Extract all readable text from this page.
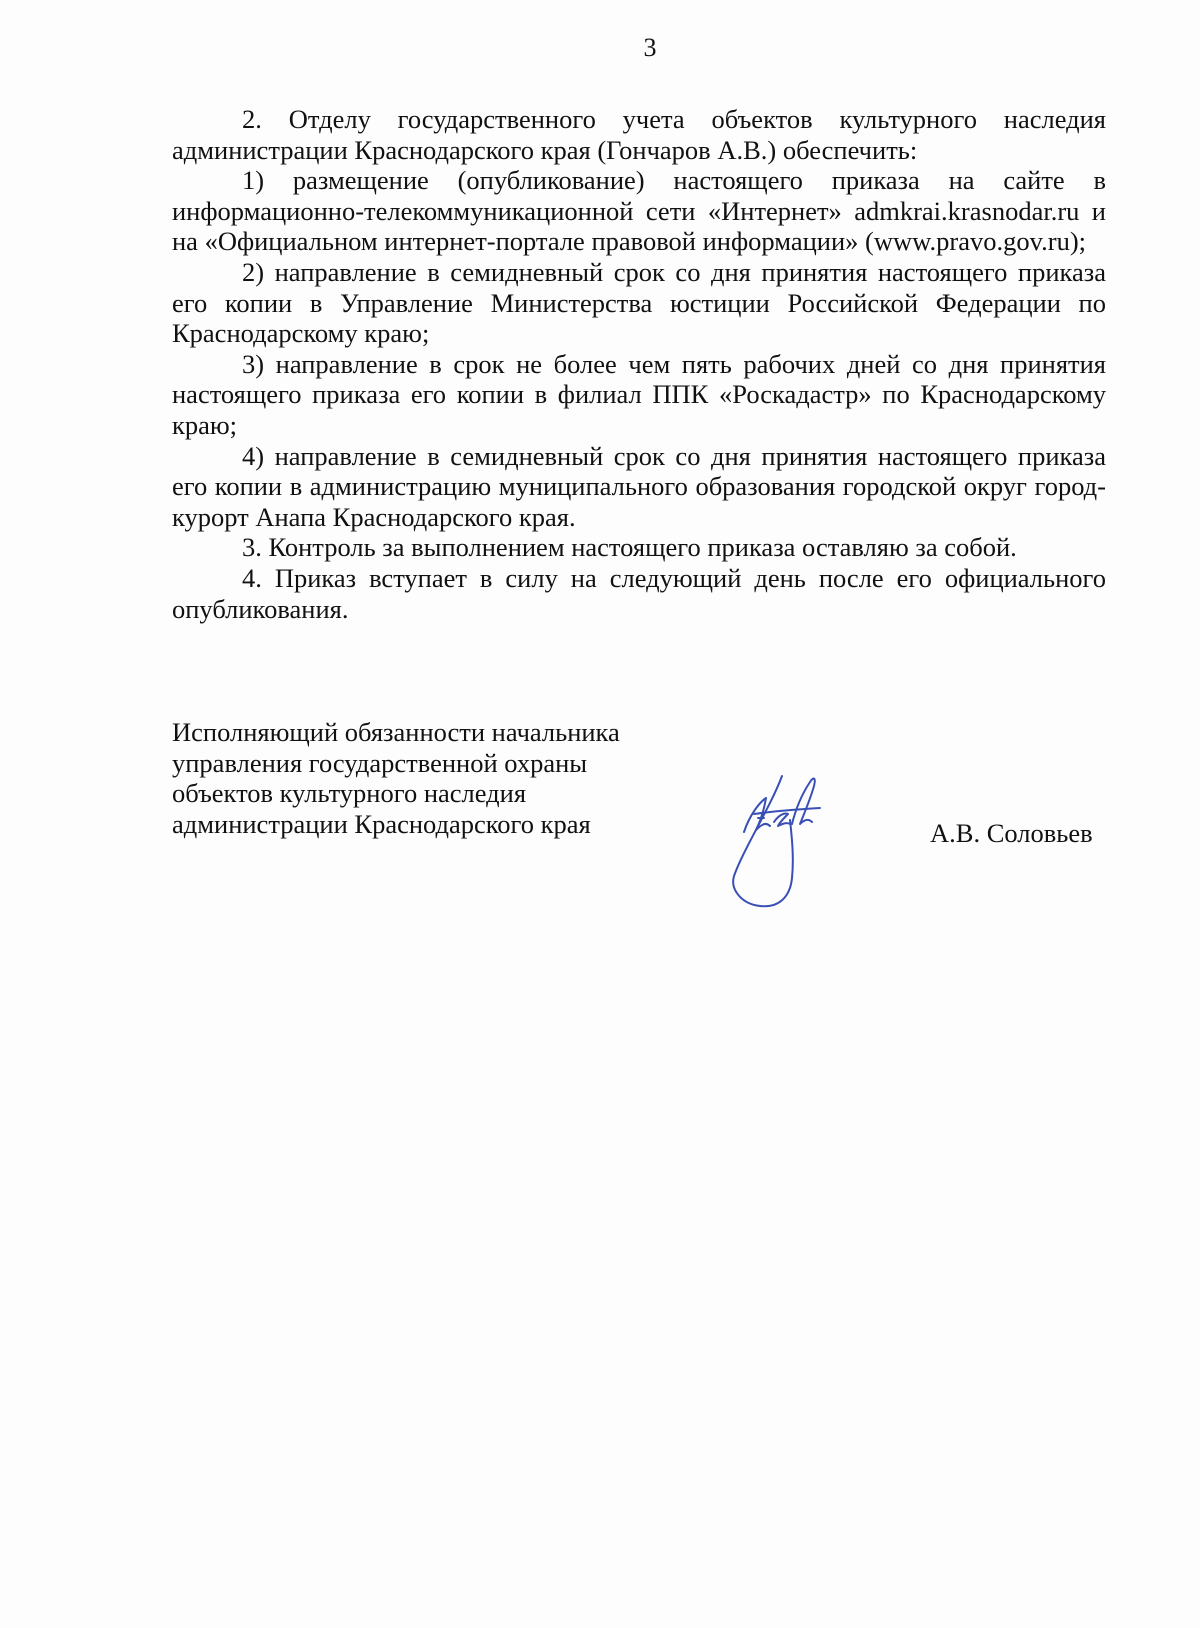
3

2. Отделу государственного учета объектов культурного наследия администрации Краснодарского края (Гончаров А.В.) обеспечить:

1) размещение (опубликование) настоящего приказа на сайте в информационно-телекоммуникационной сети «Интернет» admkrai.krasnodar.ru и на «Официальном интернет-портале правовой информации» (www.pravo.gov.ru);

2) направление в семидневный срок со дня принятия настоящего приказа его копии в Управление Министерства юстиции Российской Федерации по Краснодарскому краю;

3) направление в срок не более чем пять рабочих дней со дня принятия настоящего приказа его копии в филиал ППК «Роскадастр» по Краснодарскому краю;

4) направление в семидневный срок со дня принятия настоящего приказа его копии в администрацию муниципального образования городской округ город-курорт Анапа Краснодарского края.

3. Контроль за выполнением настоящего приказа оставляю за собой.

4. Приказ вступает в силу на следующий день после его официального опубликования.

Исполняющий обязанности начальника
управления государственной охраны
объектов культурного наследия
администрации Краснодарского края	А.В. Соловьев
